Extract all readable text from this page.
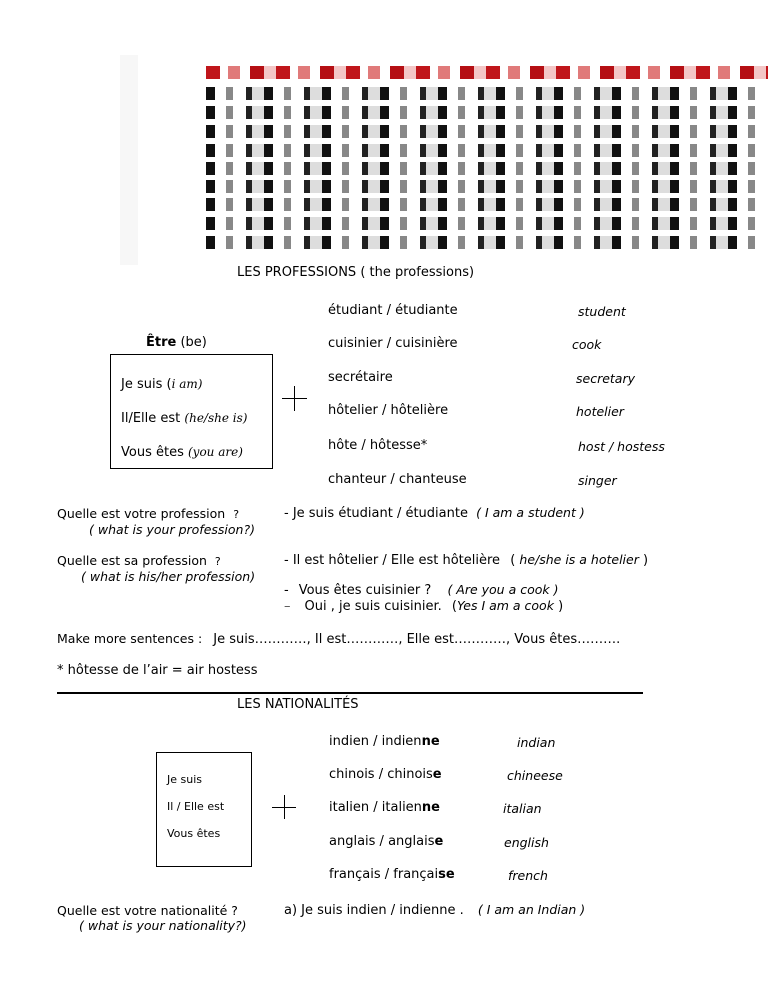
LES PROFESSIONS ( the professions)
Être (be)
Je suis (i am)
Il/Elle est (he/she is)
Vous êtes (you are)
étudiant / étudiante	student
cuisinier / cuisinière	cook
secrétaire	secretary
hôtelier / hôtelière	hotelier
hôte / hôtesse*	host / hostess
chanteur / chanteuse	singer
Quelle est votre profession ?
( what is your profession?)
- Je suis étudiant / étudiante ( I am a student )
Quelle est sa profession ?
( what is his/her profession)
- Il est hôtelier / Elle est hôtelière ( he/she is a hotelier )
- Vous êtes cuisinier ? ( Are you a cook )
– Oui , je suis cuisinier. (Yes I am a cook )
Make more sentences : Je suis…………, Il est…………, Elle est…………, Vous êtes……….
* hôtesse de l’air = air hostess
LES NATIONALITÉS
Je suis
Il / Elle est
Vous êtes
indien / indienne	indian
chinois / chinoise	chineese
italien / italienne	italian
anglais / anglaise	english
français / française	french
Quelle est votre nationalité ?
( what is your nationality?)
a) Je suis indien / indienne . ( I am an Indian )
